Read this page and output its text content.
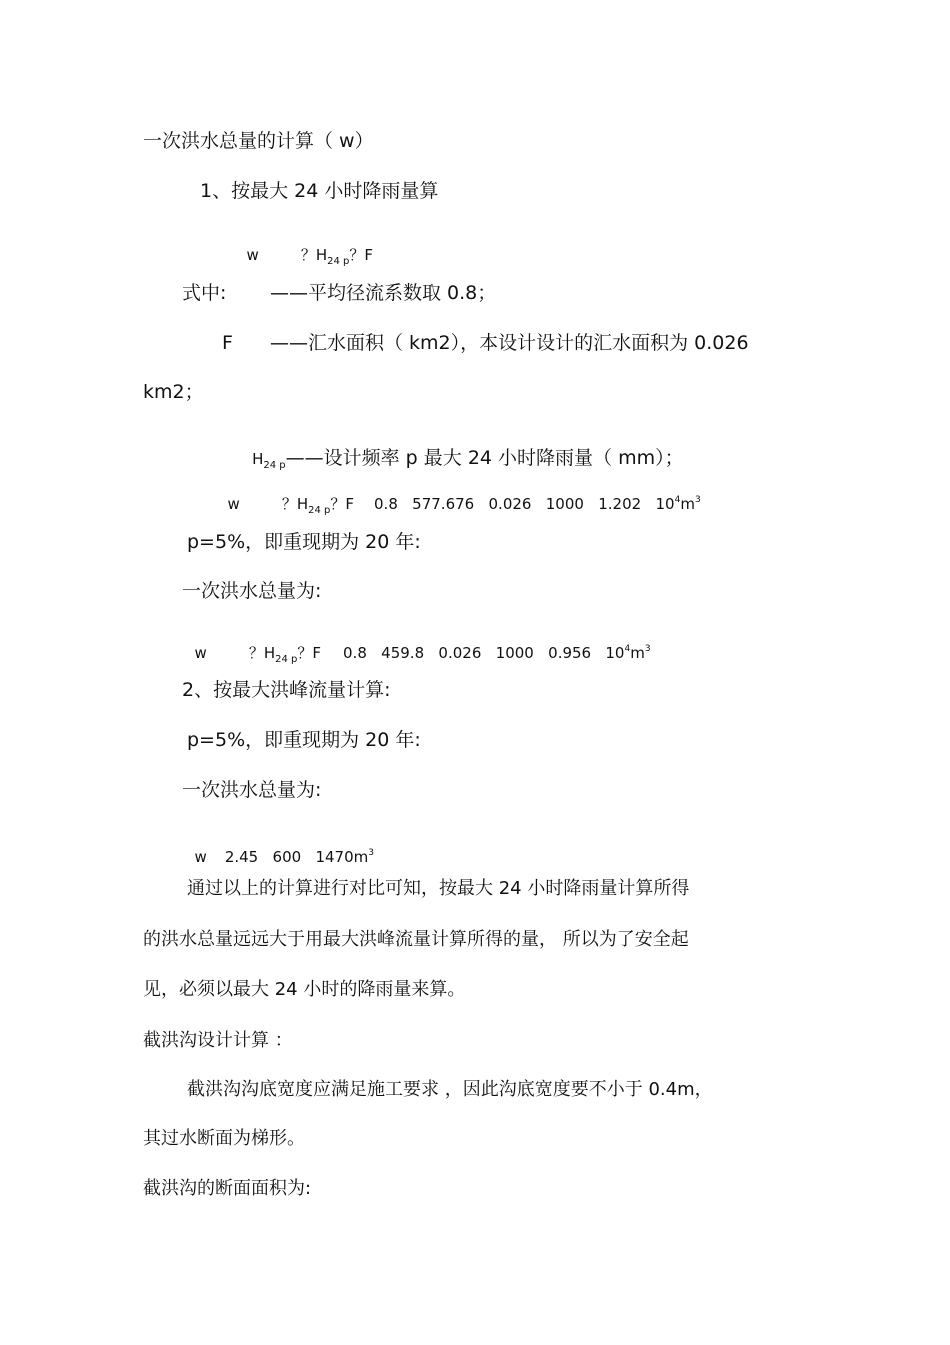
一次洪水总量的计算（ w）
1、按最大 24 小时降雨量算

w	？$H_{24 p}$？F

式中: ——平均径流系数取 0.8；
F ——汇水面积（ km2），本设计设计的汇水面积为 0.026
km2；

$H_{24 p}——$设计频率 p 最大 24 小时降雨量（ mm）；

w	？$H_{24 p}$？F 0.8   577.676   0.026   1000   1.202   $10^4m^3$

p=5%，即重现期为 20 年:
一次洪水总量为:

w	？$H_{24 p}$？F 0.8   459.8   0.026   1000   0.956   $10^4m^3$

2、按最大洪峰流量计算:
p=5%，即重现期为 20 年:
一次洪水总量为:

w 2.45   600   $1470m^3$

通过以上的计算进行对比可知，按最大 24 小时降雨量计算所得
的洪水总量远远大于用最大洪峰流量计算所得的量， 所以为了安全起
见，必须以最大 24 小时的降雨量来算。
截洪沟设计计算 ：
截洪沟沟底宽度应满足施工要求 ，因此沟底宽度要不小于 0.4m，
其过水断面为梯形。
截洪沟的断面面积为:
